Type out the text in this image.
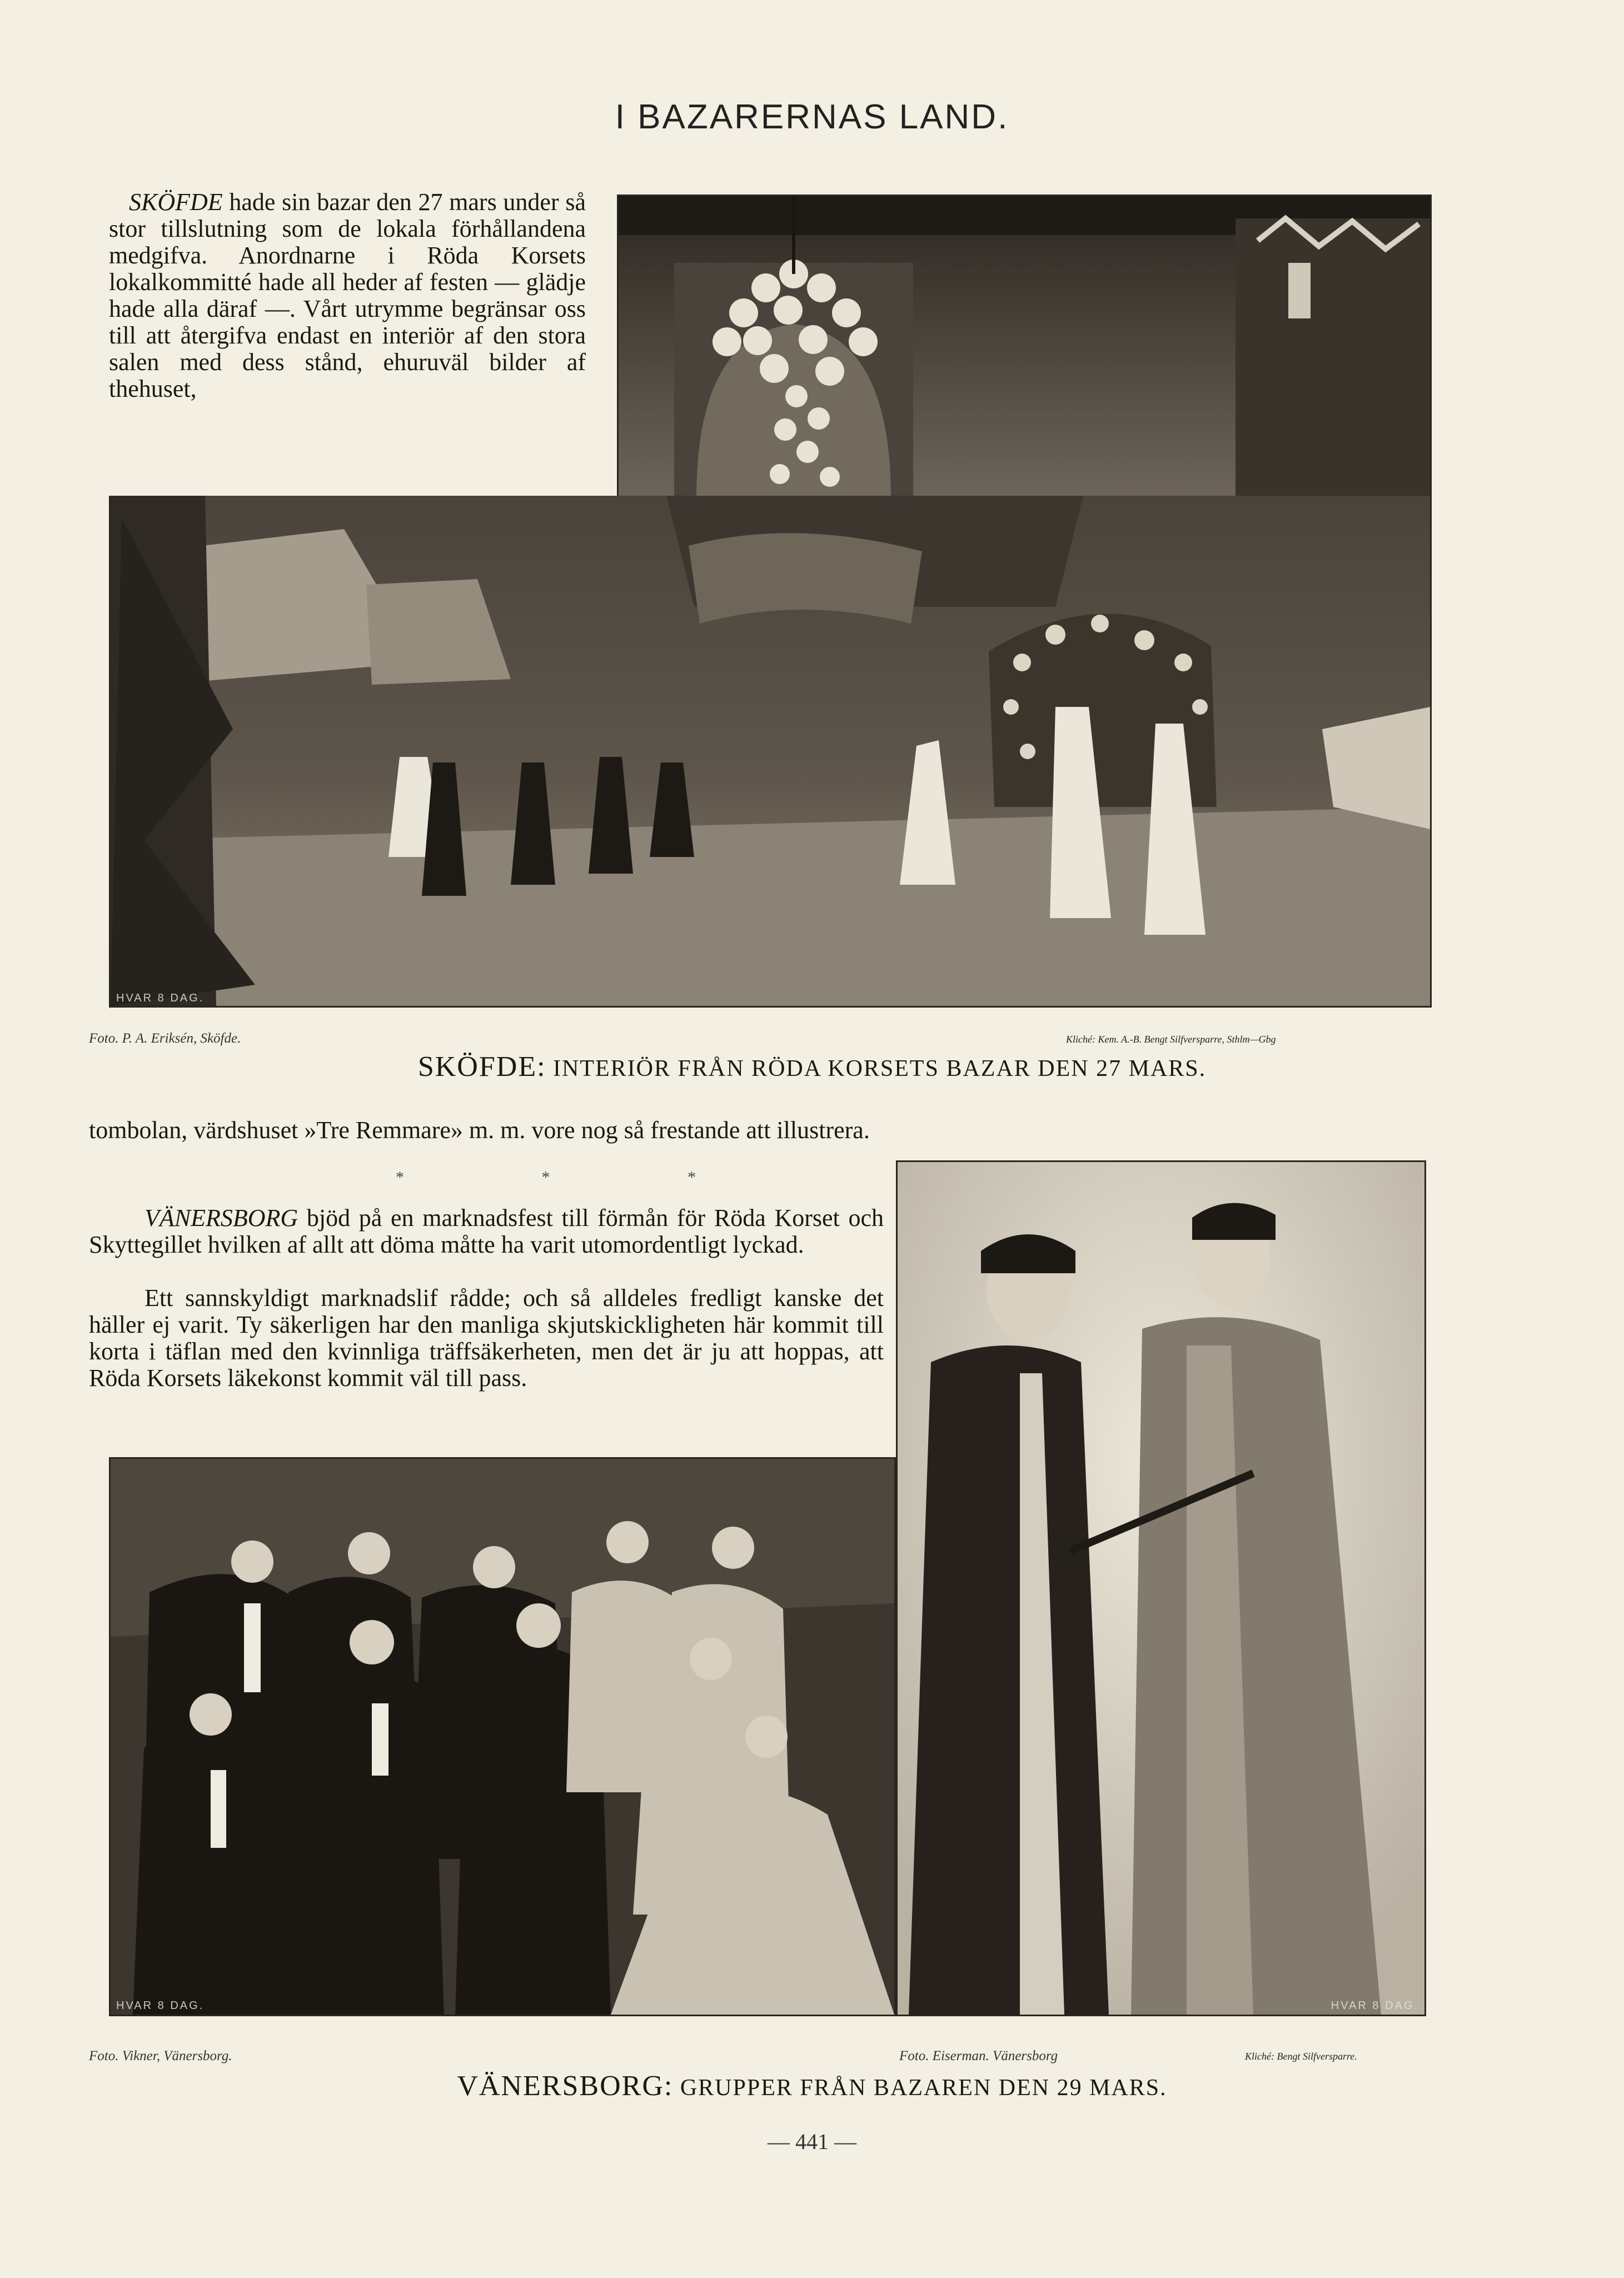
I BAZARERNAS LAND.

SKÖFDE hade sin bazar den 27 mars under så stor tillslutning som de lokala förhållandena medgifva. Anordnarne i Röda Korsets lokalkommitté hade all heder af festen — glädje hade alla däraf —. Vårt utrymme begränsar oss till att återgifva endast en interiör af den stora salen med dess stånd, ehuruväl bilder af thehuset,

HVAR 8 DAG.
Foto. P. A. Eriksén, Sköfde.	Kliché: Kem. A.-B. Bengt Silfversparre, Sthlm—Gbg
SKÖFDE: INTERIÖR FRÅN RÖDA KORSETS BAZAR DEN 27 MARS.

tombolan, värdshuset »Tre Remmare» m. m. vore nog så frestande att illustrera.

* * *

VÄNERSBORG bjöd på en marknadsfest till förmån för Röda Korset och Skyttegillet hvilken af allt att döma måtte ha varit utomordentligt lyckad.

Ett sannskyldigt marknadslif rådde; och så alldeles fredligt kanske det häller ej varit. Ty säkerligen har den manliga skjutskickligheten här kommit till korta i täflan med den kvinnliga träffsäkerheten, men det är ju att hoppas, att Röda Korsets läkekonst kommit väl till pass.

HVAR 8 DAG.	HVAR 8 DAG.
Foto. Vikner, Vänersborg.	Foto. Eiserman. Vänersborg	Kliché: Bengt Silfversparre.
VÄNERSBORG: GRUPPER FRÅN BAZAREN DEN 29 MARS.
— 441 —
